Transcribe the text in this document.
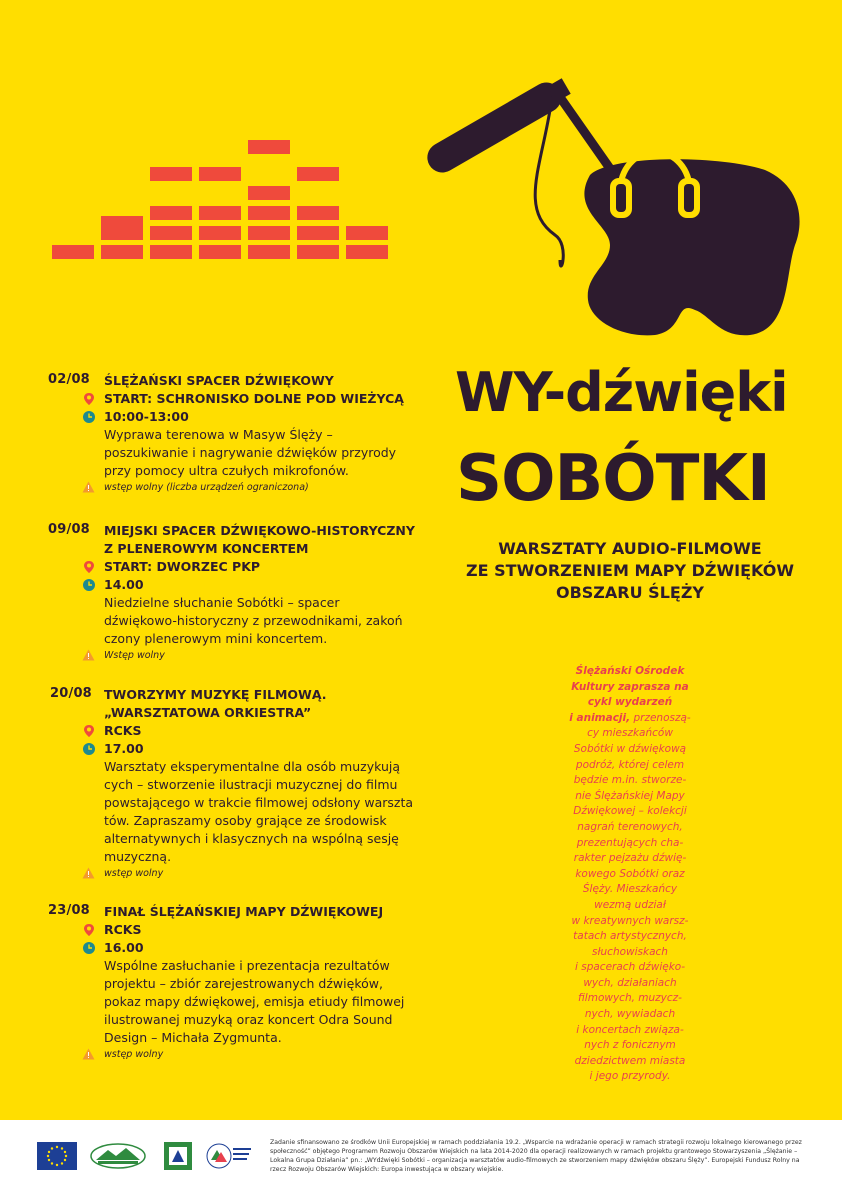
WY-dźwięki
SOBÓTKI
WARSZTATY AUDIO-FILMOWE
ZE STWORZENIEM MAPY DŹWIĘKÓW
OBSZARU ŚLĘŻY
02/08 ŚLĘŻAŃSKI SPACER DŹWIĘKOWY
START: SCHRONISKO DOLNE POD WIEŻYCĄ
10:00-13:00
Wyprawa terenowa w Masyw Ślęży –
poszukiwanie i nagrywanie dźwięków przyrody
przy pomocy ultra czułych mikrofonów.
wstęp wolny (liczba urządzeń ograniczona)
09/08 MIEJSKI SPACER DŹWIĘKOWO-HISTORYCZNY
Z PLENEROWYM KONCERTEM
START: DWORZEC PKP
14.00
Niedzielne słuchanie Sobótki – spacer
dźwiękowo-historyczny z przewodnikami, zakoń
czony plenerowym mini koncertem.
Wstęp wolny
20/08 TWORZYMY MUZYKĘ FILMOWĄ.
„WARSZTATOWA ORKIESTRA”
RCKS
17.00
Warsztaty eksperymentalne dla osób muzykują
cych – stworzenie ilustracji muzycznej do filmu
powstającego w trakcie filmowej odsłony warszta
tów. Zapraszamy osoby grające ze środowisk
alternatywnych i klasycznych na wspólną sesję
muzyczną.
wstęp wolny
23/08 FINAŁ ŚLĘŻAŃSKIEJ MAPY DŹWIĘKOWEJ
RCKS
16.00
Wspólne zasłuchanie i prezentacja rezultatów
projektu – zbiór zarejestrowanych dźwięków,
pokaz mapy dźwiękowej, emisja etiudy filmowej
ilustrowanej muzyką oraz koncert Odra Sound
Design – Michała Zygmunta.
wstęp wolny
Ślężański Ośrodek
Kultury zaprasza na
cykl wydarzeń
i animacji, przenoszą-
cy mieszkańców
Sobótki w dźwiękową
podróż, której celem
będzie m.in. stworze-
nie Ślężańskiej Mapy
Dźwiękowej – kolekcji
nagrań terenowych,
prezentujących cha-
rakter pejzażu dźwię-
kowego Sobótki oraz
Ślęży. Mieszkańcy
wezmą udział
w kreatywnych warsz-
tatach artystycznych,
słuchowiskach
i spacerach dźwięko-
wych, działaniach
filmowych, muzycz-
nych, wywiadach
i koncertach związa-
nych z fonicznym
dziedzictwem miasta
i jego przyrody.
Zadanie sfinansowano ze środków Unii Europejskiej w ramach poddziałania 19.2. „Wsparcie na wdrażanie operacji w ramach strategii rozwoju lokalnego kierowanego przez społeczność” objętego Programem Rozwoju Obszarów Wiejskich na lata 2014-2020 dla operacji realizowanych w ramach projektu grantowego Stowarzyszenia „Ślężanie – Lokalna Grupa Działania” pn.: „WYdźwięki Sobótki – organizacja warsztatów audio-filmowych ze stworzeniem mapy dźwięków obszaru Ślęży”. Europejski Fundusz Rolny na rzecz Rozwoju Obszarów Wiejskich: Europa inwestująca w obszary wiejskie.
